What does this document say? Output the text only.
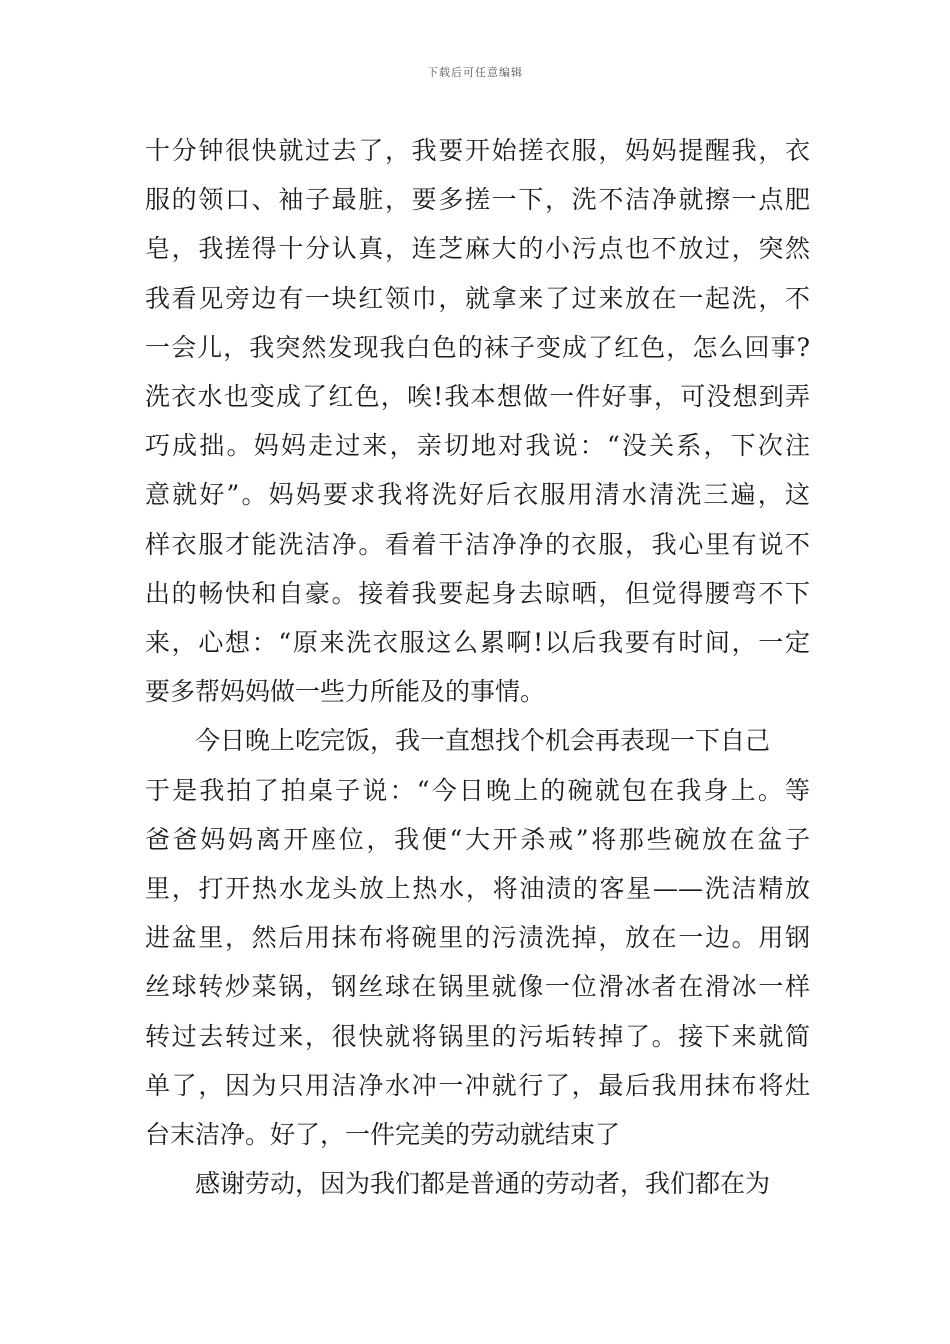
下载后可任意编辑
十分钟很快就过去了，我要开始搓衣服，妈妈提醒我，衣
服的领口、袖子最脏，要多搓一下，洗不洁净就擦一点肥
皂，我搓得十分认真，连芝麻大的小污点也不放过，突然
我看见旁边有一块红领巾，就拿来了过来放在一起洗，不
一会儿，我突然发现我白色的袜子变成了红色，怎么回事?
洗衣水也变成了红色，唉!我本想做一件好事，可没想到弄
巧成拙。妈妈走过来，亲切地对我说：“没关系，下次注
意就好”。妈妈要求我将洗好后衣服用清水清洗三遍，这
样衣服才能洗洁净。看着干洁净净的衣服，我心里有说不
出的畅快和自豪。接着我要起身去晾晒，但觉得腰弯不下
来，心想：“原来洗衣服这么累啊!以后我要有时间，一定
要多帮妈妈做一些力所能及的事情。
今日晚上吃完饭，我一直想找个机会再表现一下自己
于是我拍了拍桌子说：“今日晚上的碗就包在我身上。等
爸爸妈妈离开座位，我便“大开杀戒”将那些碗放在盆子
里，打开热水龙头放上热水，将油渍的客星——洗洁精放
进盆里，然后用抹布将碗里的污渍洗掉，放在一边。用钢
丝球转炒菜锅，钢丝球在锅里就像一位滑冰者在滑冰一样
转过去转过来，很快就将锅里的污垢转掉了。接下来就简
单了，因为只用洁净水冲一冲就行了，最后我用抹布将灶
台末洁净。好了，一件完美的劳动就结束了
感谢劳动，因为我们都是普通的劳动者，我们都在为
